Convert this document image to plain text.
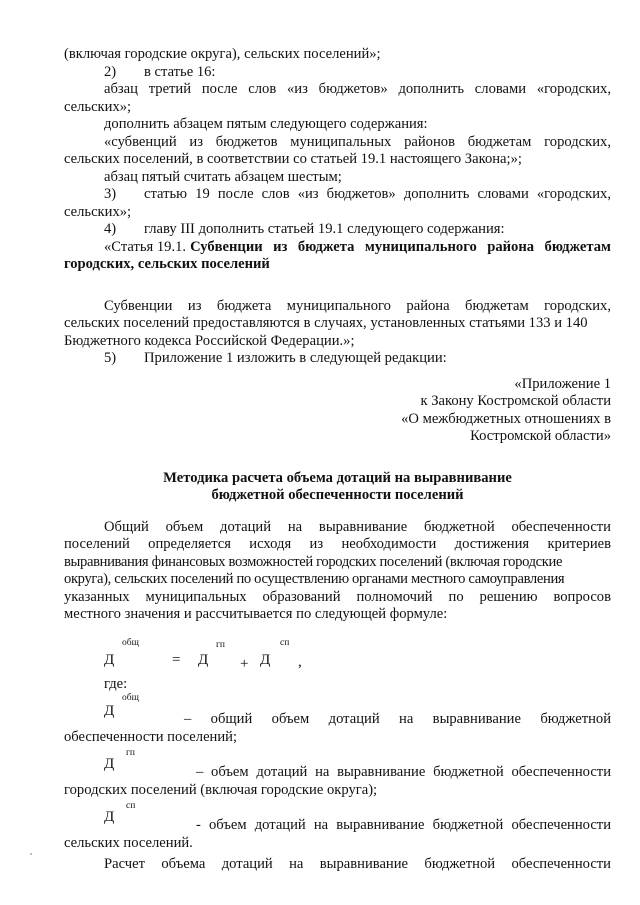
(включая городские округа), сельских поселений»;
2) в статье 16:
абзац третий после слов «из бюджетов» дополнить словами «городских,
сельских»;
дополнить абзацем пятым следующего содержания:
«субвенций из бюджетов муниципальных районов бюджетам городских,
сельских поселений, в соответствии со статьей 19.1 настоящего Закона;»;
абзац пятый считать абзацем шестым;
3) статью 19 после слов «из бюджетов» дополнить словами «городских,
сельских»;
4) главу III дополнить статьей 19.1 следующего содержания:
«Статья 19.1. Субвенции из бюджета муниципального района бюджетам
городских, сельских поселений
Субвенции из бюджета муниципального района бюджетам городских,
сельских поселений предоставляются в случаях, установленных статьями 133 и 140
Бюджетного кодекса Российской Федерации.»;
5) Приложение 1 изложить в следующей редакции:
«Приложение 1
к Закону Костромской области
«О межбюджетных отношениях в
Костромской области»
Методика расчета объема дотаций на выравнивание
бюджетной обеспеченности поселений
Общий объем дотаций на выравнивание бюджетной обеспеченности
поселений определяется исходя из необходимости достижения критериев
выравнивания финансовых возможностей городских поселений (включая городские
округа), сельских поселений по осуществлению органами местного самоуправления
указанных муниципальных образований полномочий по решению вопросов
местного значения и рассчитывается по следующей формуле:
общ
Д	=
гп
Д +
сп
Д ,
где:
общ
Д	– общий объем дотаций на выравнивание бюджетной
обеспеченности поселений;
гп
Д	– объем дотаций на выравнивание бюджетной обеспеченности
городских поселений (включая городские округа);
сп
Д	- объем дотаций на выравнивание бюджетной обеспеченности
сельских поселений.
Расчет объема дотаций на выравнивание бюджетной обеспеченности
